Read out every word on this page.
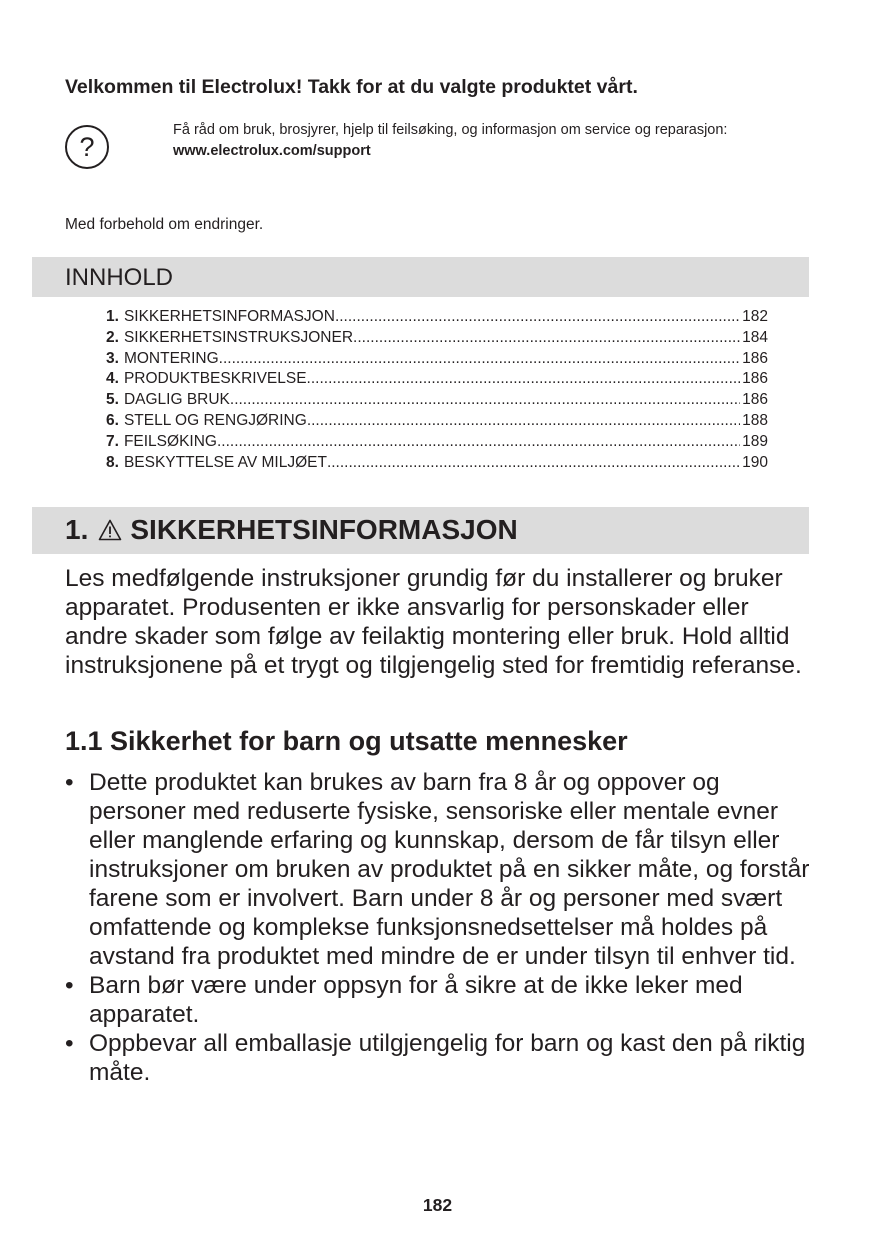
Velkommen til Electrolux! Takk for at du valgte produktet vårt.
?
Få råd om bruk, brosjyrer, hjelp til feilsøking, og informasjon om service og reparasjon:
www.electrolux.com/support
Med forbehold om endringer.
INNHOLD
1. SIKKERHETSINFORMASJON .....	182
2. SIKKERHETSINSTRUKSJONER .....	184
3. MONTERING .....	186
4. PRODUKTBESKRIVELSE .....	186
5. DAGLIG BRUK .....	186
6. STELL OG RENGJØRING .....	188
7. FEILSØKING .....	189
8. BESKYTTELSE AV MILJØET .....	190
1. SIKKERHETSINFORMASJON

Les medfølgende instruksjoner grundig før du installerer og bruker apparatet. Produsenten er ikke ansvarlig for personskader eller andre skader som følge av feilaktig montering eller bruk. Hold alltid instruksjonene på et trygt og tilgjengelig sted for fremtidig referanse.

1.1 Sikkerhet for barn og utsatte mennesker
• Dette produktet kan brukes av barn fra 8 år og oppover og personer med reduserte fysiske, sensoriske eller mentale evner eller manglende erfaring og kunnskap, dersom de får tilsyn eller instruksjoner om bruken av produktet på en sikker måte, og forstår farene som er involvert. Barn under 8 år og personer med svært omfattende og komplekse funksjonsnedsettelser må holdes på avstand fra produktet med mindre de er under tilsyn til enhver tid.
• Barn bør være under oppsyn for å sikre at de ikke leker med apparatet.
• Oppbevar all emballasje utilgjengelig for barn og kast den på riktig måte.
182
